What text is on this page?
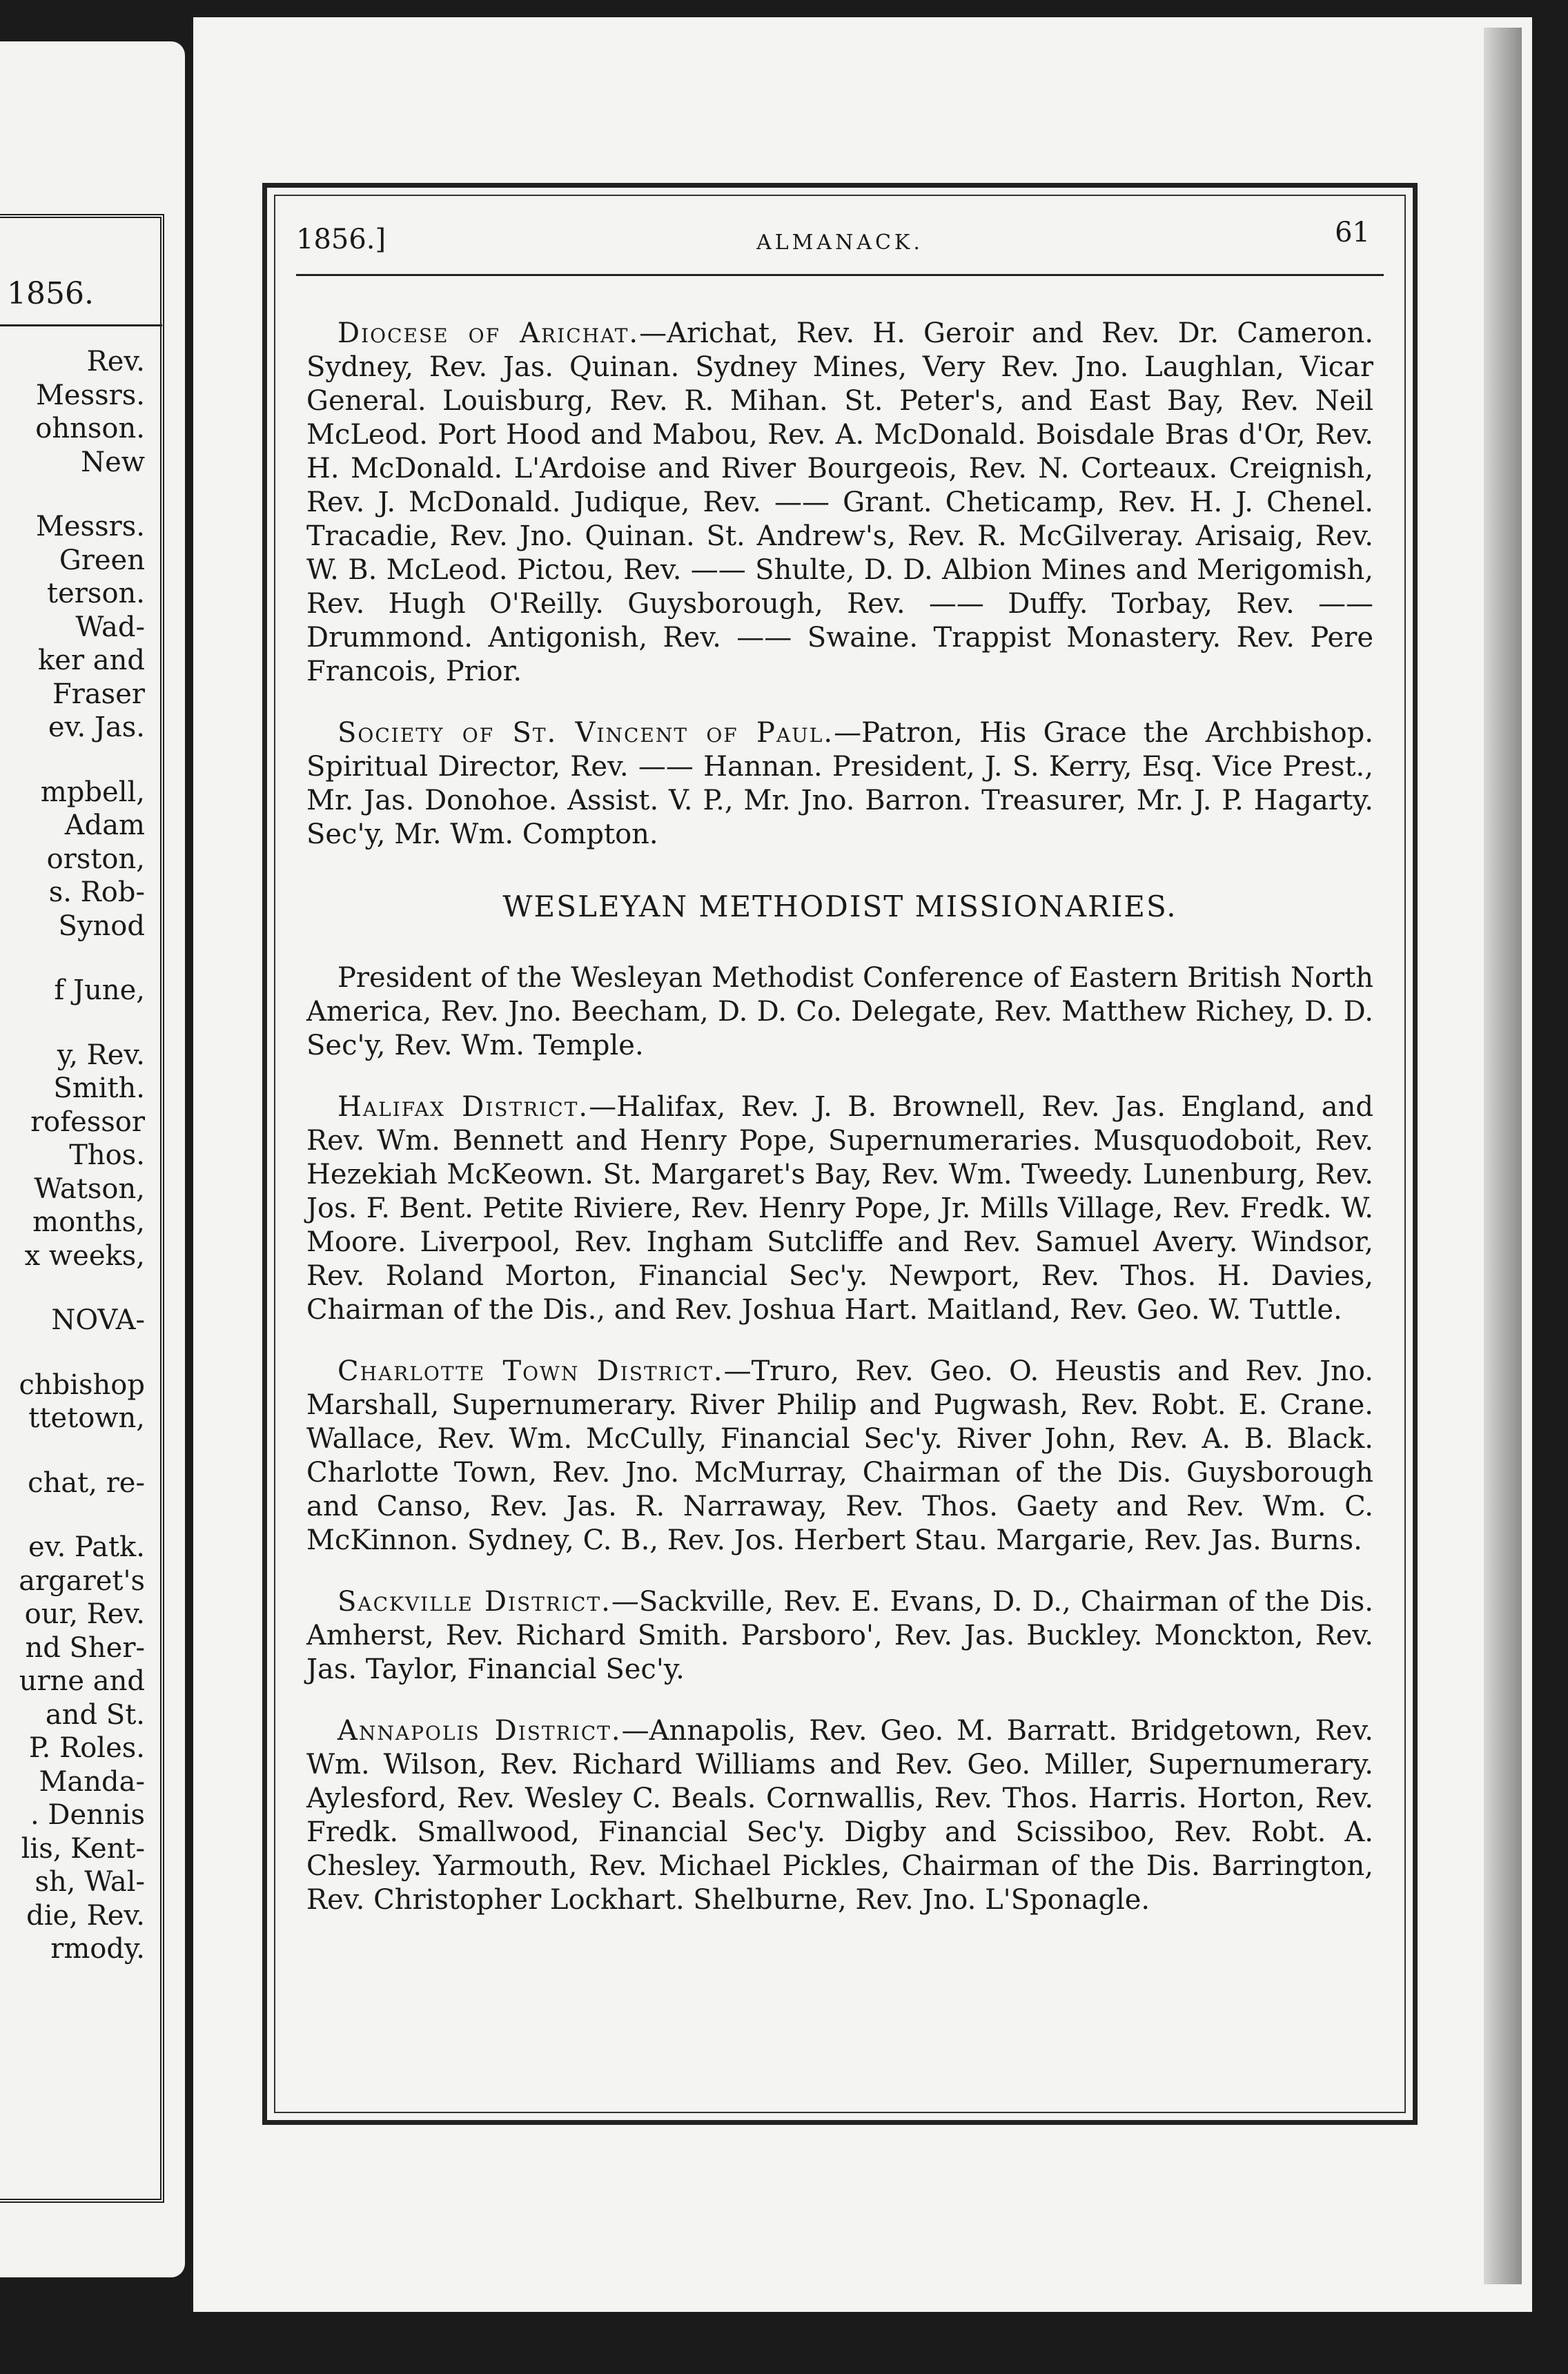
1856.
Rev.
Messrs.
ohnson.
New
Messrs.
Green
terson.
Wad-
ker and
Fraser
ev. Jas.
mpbell,
Adam
orston,
s. Rob-
Synod
f June,
y, Rev.
Smith.
rofessor
Thos.
Watson,
months,
x weeks,
NOVA-
chbishop
ttetown,
chat, re-
ev. Patk.
argaret's
our, Rev.
nd Sher-
urne and
and St.
P. Roles.
Manda-
. Dennis
lis, Kent-
sh, Wal-
die, Rev.
rmody.
1856.]	ALMANACK.	61

Diocese of Arichat.—Arichat, Rev. H. Geroir and Rev. Dr. Cameron. Sydney, Rev. Jas. Quinan. Sydney Mines, Very Rev. Jno. Laughlan, Vicar General. Louisburg, Rev. R. Mihan. St. Peter's, and East Bay, Rev. Neil McLeod. Port Hood and Mabou, Rev. A. McDonald. Boisdale Bras d'Or, Rev. H. McDonald. L'Ardoise and River Bourgeois, Rev. N. Corteaux. Creignish, Rev. J. McDonald. Judique, Rev. —— Grant. Cheticamp, Rev. H. J. Chenel. Tracadie, Rev. Jno. Quinan. St. Andrew's, Rev. R. McGilveray. Arisaig, Rev. W. B. McLeod. Pictou, Rev. —— Shulte, D. D. Albion Mines and Merigomish, Rev. Hugh O'Reilly. Guysborough, Rev. —— Duffy. Torbay, Rev. —— Drummond. Antigonish, Rev. —— Swaine. Trappist Monastery. Rev. Pere Francois, Prior.

Society of St. Vincent of Paul.—Patron, His Grace the Archbishop. Spiritual Director, Rev. —— Hannan. President, J. S. Kerry, Esq. Vice Prest., Mr. Jas. Donohoe. Assist. V. P., Mr. Jno. Barron. Treasurer, Mr. J. P. Hagarty. Sec'y, Mr. Wm. Compton.

WESLEYAN METHODIST MISSIONARIES.

President of the Wesleyan Methodist Conference of Eastern British North America, Rev. Jno. Beecham, D. D. Co. Delegate, Rev. Matthew Richey, D. D. Sec'y, Rev. Wm. Temple.

Halifax District.—Halifax, Rev. J. B. Brownell, Rev. Jas. England, and Rev. Wm. Bennett and Henry Pope, Supernumeraries. Musquodoboit, Rev. Hezekiah McKeown. St. Margaret's Bay, Rev. Wm. Tweedy. Lunenburg, Rev. Jos. F. Bent. Petite Riviere, Rev. Henry Pope, Jr. Mills Village, Rev. Fredk. W. Moore. Liverpool, Rev. Ingham Sutcliffe and Rev. Samuel Avery. Windsor, Rev. Roland Morton, Financial Sec'y. Newport, Rev. Thos. H. Davies, Chairman of the Dis., and Rev. Joshua Hart. Maitland, Rev. Geo. W. Tuttle.

Charlotte Town District.—Truro, Rev. Geo. O. Heustis and Rev. Jno. Marshall, Supernumerary. River Philip and Pugwash, Rev. Robt. E. Crane. Wallace, Rev. Wm. McCully, Financial Sec'y. River John, Rev. A. B. Black. Charlotte Town, Rev. Jno. McMurray, Chairman of the Dis. Guysborough and Canso, Rev. Jas. R. Narraway, Rev. Thos. Gaety and Rev. Wm. C. McKinnon. Sydney, C. B., Rev. Jos. Herbert Stau. Margarie, Rev. Jas. Burns.

Sackville District.—Sackville, Rev. E. Evans, D. D., Chairman of the Dis. Amherst, Rev. Richard Smith. Parsboro', Rev. Jas. Buckley. Monckton, Rev. Jas. Taylor, Financial Sec'y.

Annapolis District.—Annapolis, Rev. Geo. M. Barratt. Bridgetown, Rev. Wm. Wilson, Rev. Richard Williams and Rev. Geo. Miller, Supernumerary. Aylesford, Rev. Wesley C. Beals. Cornwallis, Rev. Thos. Harris. Horton, Rev. Fredk. Smallwood, Financial Sec'y. Digby and Scissiboo, Rev. Robt. A. Chesley. Yarmouth, Rev. Michael Pickles, Chairman of the Dis. Barrington, Rev. Christopher Lockhart. Shelburne, Rev. Jno. L'Sponagle.
